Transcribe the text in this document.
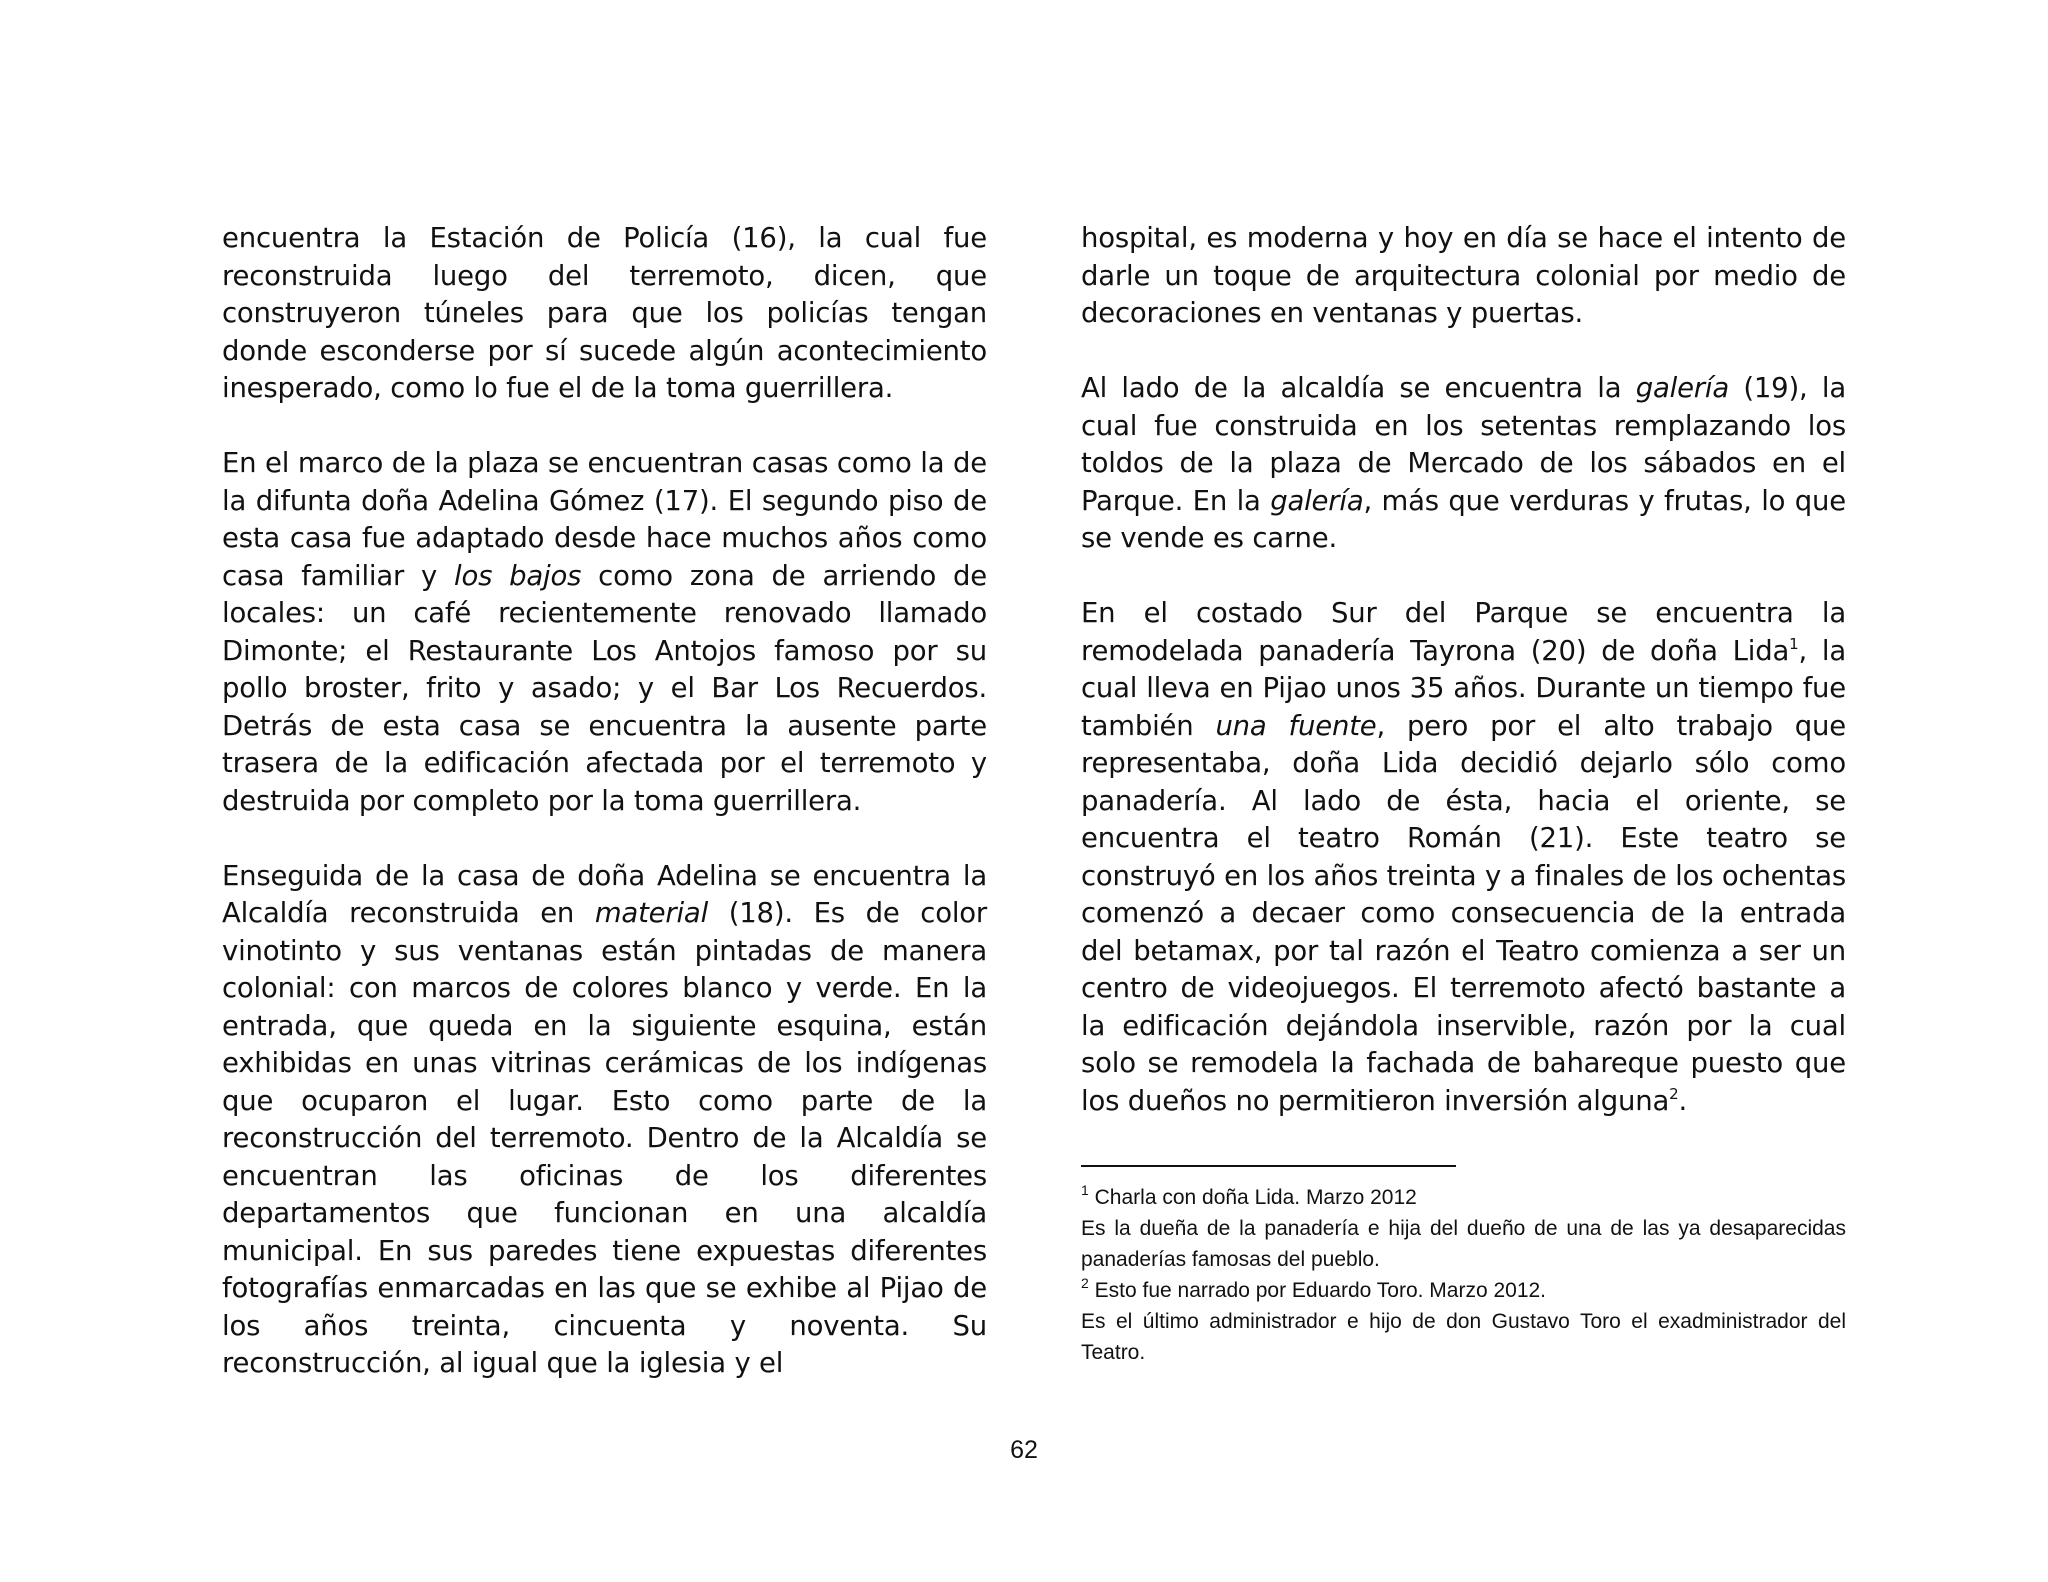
encuentra la Estación de Policía (16), la cual fue reconstruida luego del terremoto, dicen, que construyeron túneles para que los policías tengan donde esconderse por sí sucede algún acontecimiento inesperado, como lo fue el de la toma guerrillera.

En el marco de la plaza se encuentran casas como la de la difunta doña Adelina Gómez (17). El segundo piso de esta casa fue adaptado desde hace muchos años como casa familiar y los bajos como zona de arriendo de locales: un café recientemente renovado llamado Dimonte; el Restaurante Los Antojos famoso por su pollo broster, frito y asado; y el Bar Los Recuerdos. Detrás de esta casa se encuentra la ausente parte trasera de la edificación afectada por el terremoto y destruida por completo por la toma guerrillera.

Enseguida de la casa de doña Adelina se encuentra la Alcaldía reconstruida en material (18). Es de color vinotinto y sus ventanas están pintadas de manera colonial: con marcos de colores blanco y verde. En la entrada, que queda en la siguiente esquina, están exhibidas en unas vitrinas cerámicas de los indígenas que ocuparon el lugar. Esto como parte de la reconstrucción del terremoto. Dentro de la Alcaldía se encuentran las oficinas de los diferentes departamentos que funcionan en una alcaldía municipal. En sus paredes tiene expuestas diferentes fotografías enmarcadas en las que se exhibe al Pijao de los años treinta, cincuenta y noventa. Su reconstrucción, al igual que la iglesia y el

hospital, es moderna y hoy en día se hace el intento de darle un toque de arquitectura colonial por medio de decoraciones en ventanas y puertas.

Al lado de la alcaldía se encuentra la galería (19), la cual fue construida en los setentas remplazando los toldos de la plaza de Mercado de los sábados en el Parque. En la galería, más que verduras y frutas, lo que se vende es carne.

En el costado Sur del Parque se encuentra la remodelada panadería Tayrona (20) de doña Lida$^1$, la cual lleva en Pijao unos 35 años. Durante un tiempo fue también una fuente, pero por el alto trabajo que representaba, doña Lida decidió dejarlo sólo como panadería. Al lado de ésta, hacia el oriente, se encuentra el teatro Román (21). Este teatro se construyó en los años treinta y a finales de los ochentas comenzó a decaer como consecuencia de la entrada del betamax, por tal razón el Teatro comienza a ser un centro de videojuegos. El terremoto afectó bastante a la edificación dejándola inservible, razón por la cual solo se remodela la fachada de bahareque puesto que los dueños no permitieron inversión alguna$^2$.

$^1$ Charla con doña Lida. Marzo 2012

Es la dueña de la panadería e hija del dueño de una de las ya desaparecidas panaderías famosas del pueblo.

$^2$ Esto fue narrado por Eduardo Toro. Marzo 2012.

Es el último administrador e hijo de don Gustavo Toro el exadministrador del Teatro.

62
